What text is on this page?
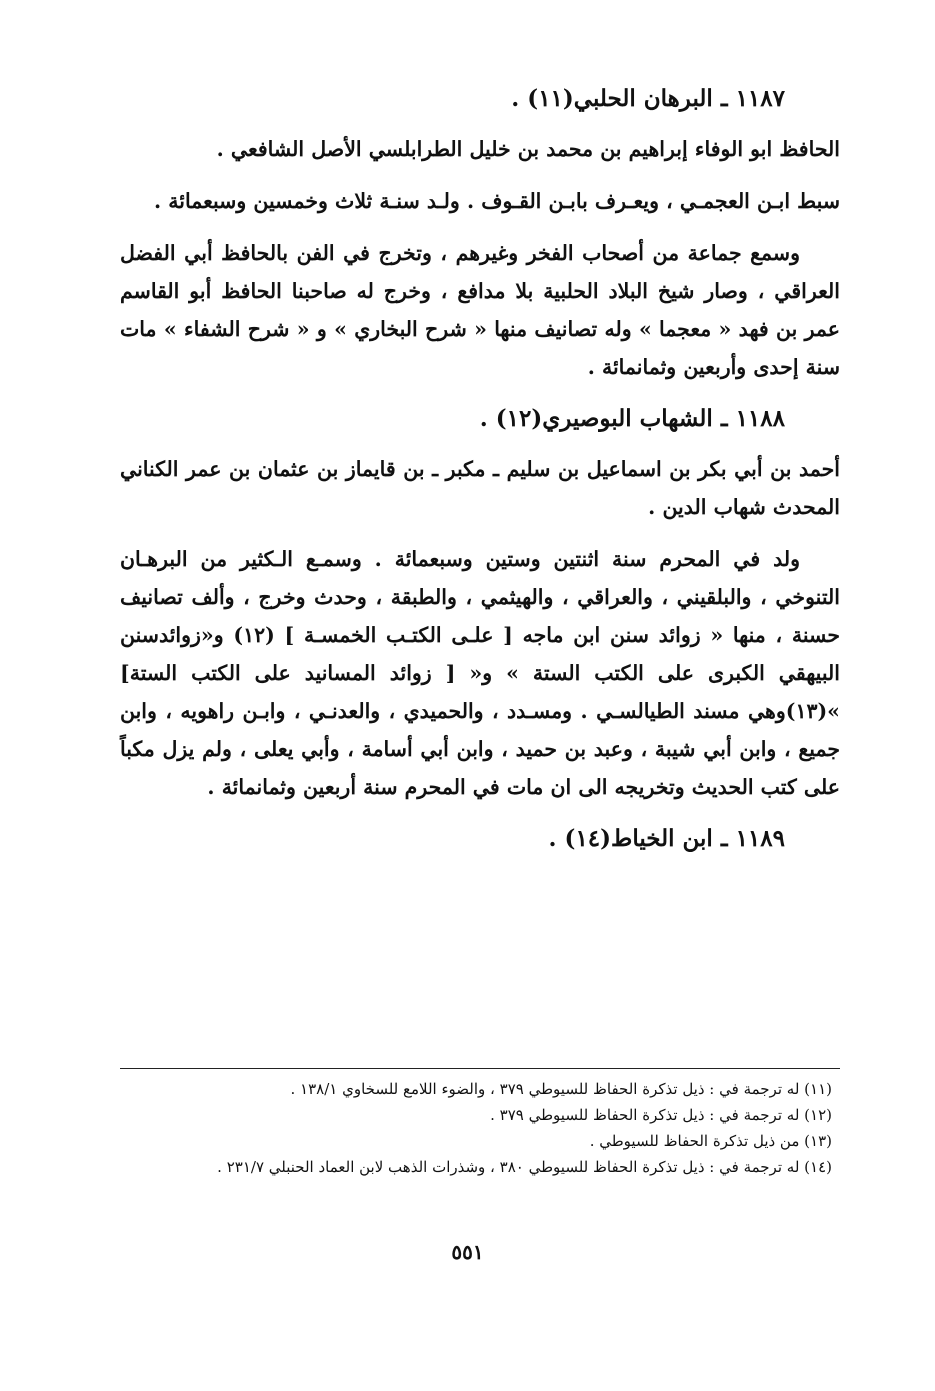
١١٨٧ ـ البرهان الحلبي(١١) .

الحافظ ابو الوفاء إبراهيم بن محمد بن خليل الطرابلسي الأصل الشافعي .

سبط ابـن العجمـي ، ويعـرف بابـن القـوف . ولـد سنـة ثلاث وخمسين وسبعمائة .

وسمع جماعة من أصحاب الفخر وغيرهم ، وتخرج في الفن بالحافظ أبي الفضل العراقي ، وصار شيخ البلاد الحلبية بلا مدافع ، وخرج له صاحبنا الحافظ أبو القاسم عمر بن فهد « معجما » وله تصانيف منها « شرح البخاري » و « شرح الشفاء » مات سنة إحدى وأربعين وثمانمائة .

١١٨٨ ـ الشهاب البوصيري(١٢) .

أحمد بن أبي بكر بن اسماعيل بن سليم ـ مكبر ـ بن قايماز بن عثمان بن عمر الكناني المحدث شهاب الدين .

ولد في المحرم سنة اثنتين وستين وسبعمائة . وسمـع الـكثير من البرهـان التنوخي ، والبلقيني ، والعراقي ، والهيثمي ، والطبقة ، وحدث وخرج ، وألف تصانيف حسنة ، منها « زوائد سنن ابن ماجه [ علـى الكتـب الخمسـة ] (١٢) و«زوائدسنن البيهقي الكبرى على الكتب الستة » و« [ زوائد المسانيد على الكتب الستة] »(١٣)وهي مسند الطيالسـي . ومسـدد ، والحميدي ، والعدنـي ، وابـن راهويه ، وابن جميع ، وابن أبي شيبة ، وعبد بن حميد ، وابن أبي أسامة ، وأبي يعلى ، ولم يزل مكباً على كتب الحديث وتخريجه الى ان مات في المحرم سنة أربعين وثمانمائة .

١١٨٩ ـ ابن الخياط(١٤) .

(١١) له ترجمة في : ذيل تذكرة الحفاظ للسيوطي ٣٧٩ ، والضوء اللامع للسخاوي ١٣٨/١ .

(١٢) له ترجمة في : ذيل تذكرة الحفاظ للسيوطي ٣٧٩ .

(١٣) من ذيل تذكرة الحفاظ للسيوطي .

(١٤) له ترجمة في : ذيل تذكرة الحفاظ للسيوطي ٣٨٠ ، وشذرات الذهب لابن العماد الحنبلي ٢٣١/٧ .

٥٥١
